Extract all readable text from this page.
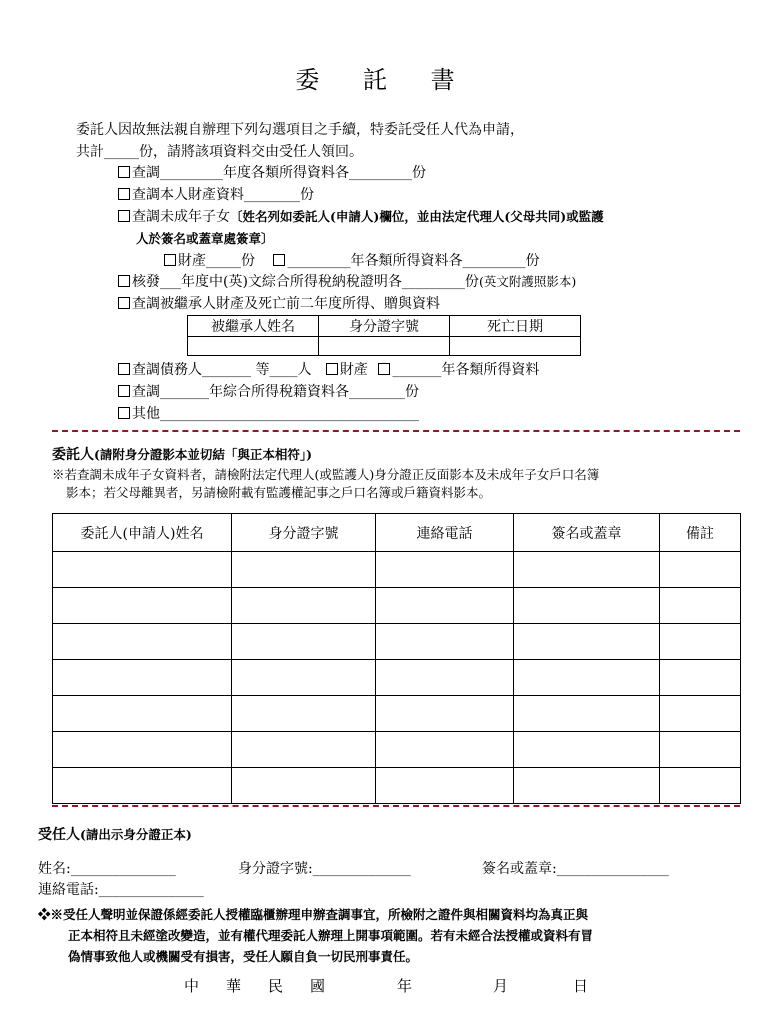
委 託 書
委託人因故無法親自辦理下列勾選項目之手續，特委託受任人代為申請，
共計_____份，請將該項資料交由受任人領回。
查調_________年度各類所得資料各_________份
查調本人財產資料________份
查調未成年子女〔姓名列如委託人(申請人)欄位，並由法定代理人(父母共同)或監護
人於簽名或蓋章處簽章〕
財產_____份 _________年各類所得資料各_________份
核發___年度中(英)文綜合所得稅納稅證明各_________份(英文附護照影本)
查調被繼承人財產及死亡前二年度所得、贈與資料
被繼承人姓名	身分證字號	死亡日期

查調債務人_______ 等____人 財產 _______年各類所得資料
查調_______年綜合所得稅籍資料各________份
其他_____________________________________
委託人(請附身分證影本並切結「與正本相符」)
※若查調未成年子女資料者，請檢附法定代理人(或監護人)身分證正反面影本及未成年子女戶口名簿
影本；若父母離異者，另請檢附載有監護權記事之戶口名簿或戶籍資料影本。
委託人(申請人)姓名	身分證字號	連絡電話	簽名或蓋章	備註

受任人(請出示身分證正本)
姓名:_______________	身分證字號:______________	簽名或蓋章:________________
連絡電話:_______________
❖※受任人聲明並保證係經委託人授權臨櫃辦理申辦查調事宜，所檢附之證件與相關資料均為真正與
正本相符且未經塗改變造，並有權代理委託人辦理上開事項範圍。若有未經合法授權或資料有冒
偽情事致他人或機關受有損害，受任人願自負一切民刑事責任。
中　華　民　國	年	月	日
